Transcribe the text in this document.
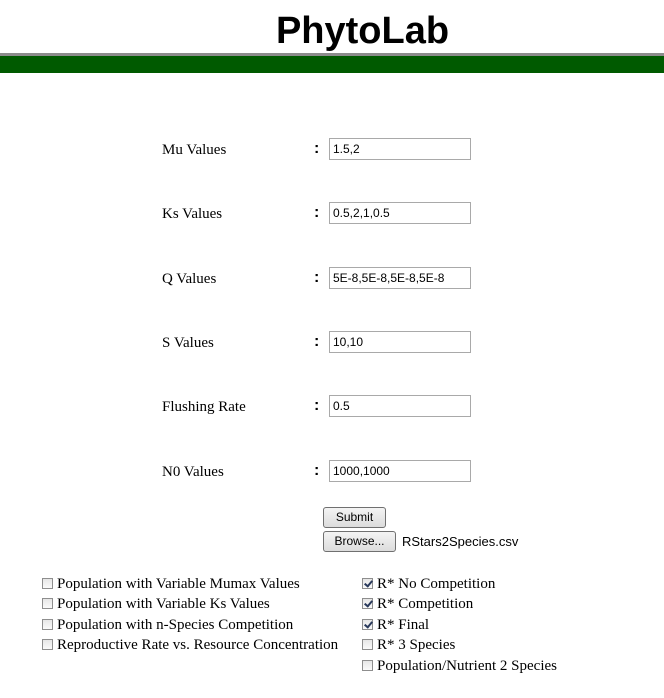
PhytoLab
Mu Values	:
1.5,2
Ks Values	:
0.5,2,1,0.5
Q Values	:
5E-8,5E-8,5E-8,5E-8
S Values	:
10,10
Flushing Rate	:
0.5
N0 Values	:
1000,1000
Submit
Browse...	RStars2Species.csv
Population with Variable Mumax Values
Population with Variable Ks Values
Population with n-Species Competition
Reproductive Rate vs. Resource Concentration
R* No Competition
R* Competition
R* Final
R* 3 Species
Population/Nutrient 2 Species
